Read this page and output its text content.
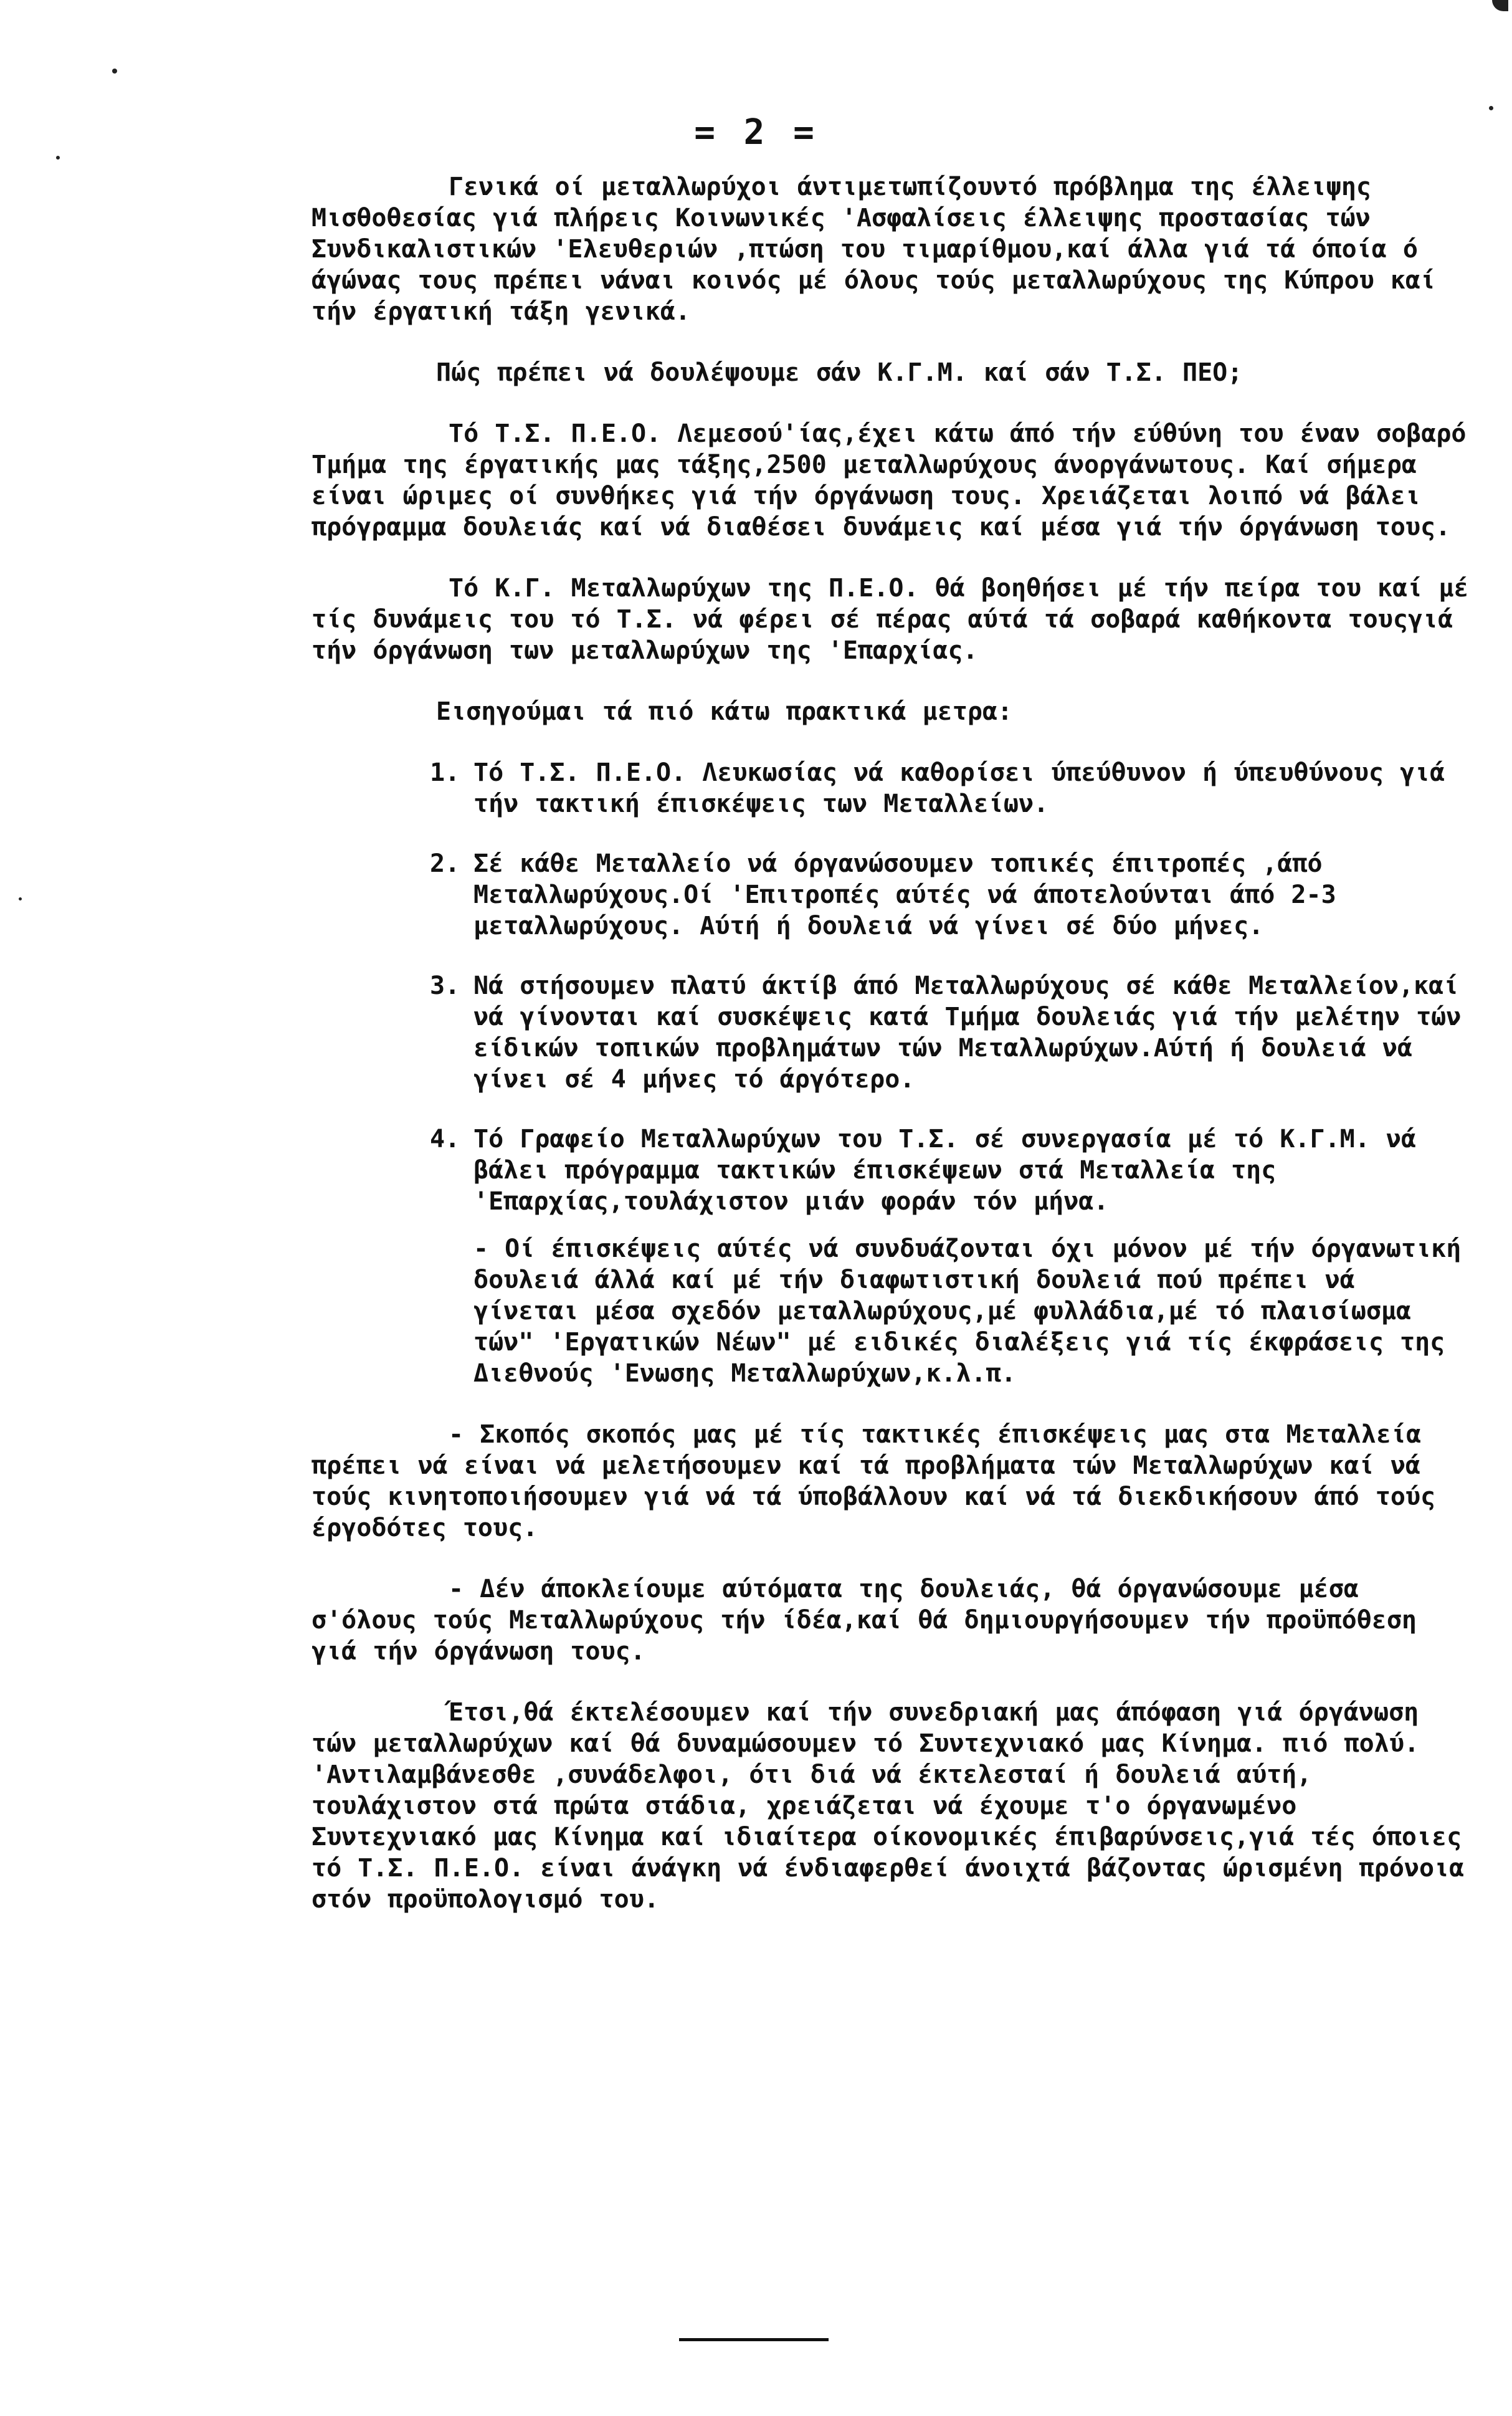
= 2 =

Γενικά οί μεταλλωρύχοι άντιμετωπίζουντό πρόβλημα της έλλειψης Μισθοθεσίας γιά πλήρεις Κοινωνικές 'Ασφαλίσεις έλλειψης προστασίας τών Συνδικαλιστικών 'Ελευθεριών ,πτώση του τιμαρίθμου,καί άλλα γιά τά όποία ό άγώνας τους πρέπει νάναι κοινός μέ όλους τούς μεταλλωρύχους της Κύπρου καί τήν έργατική τάξη γενικά.

Πώς πρέπει νά δουλέψουμε σάν Κ.Γ.Μ. καί σάν Τ.Σ. ΠΕΟ;

Τό Τ.Σ. Π.Ε.Ο. Λεμεσού'ίας,έχει κάτω άπό τήν εύθύνη του έναν σοβαρό Τμήμα της έργατικής μας τάξης,2500 μεταλλωρύχους άνοργάνωτους. Καί σήμερα είναι ώριμες οί συνθήκες γιά τήν όργάνωση τους. Χρειάζεται λοιπό νά βάλει πρόγραμμα δουλειάς καί νά διαθέσει δυνάμεις καί μέσα γιά τήν όργάνωση τους.

Τό Κ.Γ. Μεταλλωρύχων της Π.Ε.Ο. θά βοηθήσει μέ τήν πείρα του καί μέ τίς δυνάμεις του τό Τ.Σ. νά φέρει σέ πέρας αύτά τά σοβαρά καθήκοντα τουςγιά τήν όργάνωση των μεταλλωρύχων της 'Επαρχίας.

Εισηγούμαι τά πιό κάτω πρακτικά μετρα:

1. Τό Τ.Σ. Π.Ε.Ο. Λευκωσίας νά καθορίσει ύπεύθυνον ή ύπευθύνους γιά τήν τακτική έπισκέψεις των Μεταλλείων.
2. Σέ κάθε Μεταλλείο νά όργανώσουμεν τοπικές έπιτροπές ,άπό Μεταλλωρύχους.Οί 'Επιτροπές αύτές νά άποτελούνται άπό 2-3 μεταλλωρύχους. Αύτή ή δουλειά νά γίνει σέ δύο μήνες.
3. Νά στήσουμεν πλατύ άκτίβ άπό Μεταλλωρύχους σέ κάθε Μεταλλείον,καί νά γίνονται καί συσκέψεις κατά Τμήμα δουλειάς γιά τήν μελέτην τών είδικών τοπικών προβλημάτων τών Μεταλλωρύχων.Αύτή ή δουλειά νά γίνει σέ 4 μήνες τό άργότερο.
4. Τό Γραφείο Μεταλλωρύχων του Τ.Σ. σέ συνεργασία μέ τό Κ.Γ.Μ. νά βάλει πρόγραμμα τακτικών έπισκέψεων στά Μεταλλεία της 'Επαρχίας,τουλάχιστον μιάν φοράν τόν μήνα.

- Οί έπισκέψεις αύτές νά συνδυάζονται όχι μόνον μέ τήν όργανωτική δουλειά άλλά καί μέ τήν διαφωτιστική δουλειά πού πρέπει νά γίνεται μέσα σχεδόν μεταλλωρύχους,μέ φυλλάδια,μέ τό πλαισίωσμα τών" 'Εργατικών Νέων" μέ ειδικές διαλέξεις γιά τίς έκφράσεις της Διεθνούς 'Ενωσης Μεταλλωρύχων,κ.λ.π.

- Σκοπός σκοπός μας μέ τίς τακτικές έπισκέψεις μας στα Μεταλλεία πρέπει νά είναι νά μελετήσουμεν καί τά προβλήματα τών Μεταλλωρύχων καί νά τούς κινητοποιήσουμεν γιά νά τά ύποβάλλουν καί νά τά διεκδικήσουν άπό τούς έργοδότες τους.

- Δέν άποκλείουμε αύτόματα της δουλειάς, θά όργανώσουμε μέσα σ'όλους τούς Μεταλλωρύχους τήν ίδέα,καί θά δημιουργήσουμεν τήν προϋπόθεση γιά τήν όργάνωση τους.

Έτσι,θά έκτελέσουμεν καί τήν συνεδριακή μας άπόφαση γιά όργάνωση τών μεταλλωρύχων καί θά δυναμώσουμεν τό Συντεχνιακό μας Κίνημα. πιό πολύ. 'Αντιλαμβάνεσθε ,συνάδελφοι, ότι διά νά έκτελεσταί ή δουλειά αύτή, τουλάχιστον στά πρώτα στάδια, χρειάζεται νά έχουμε τ'ο όργανωμένο Συντεχνιακό μας Κίνημα καί ιδιαίτερα οίκονομικές έπιβαρύνσεις,γιά τές όποιες τό Τ.Σ. Π.Ε.Ο. είναι άνάγκη νά ένδιαφερθεί άνοιχτά βάζοντας ώρισμένη πρόνοια στόν προϋπολογισμό του.
